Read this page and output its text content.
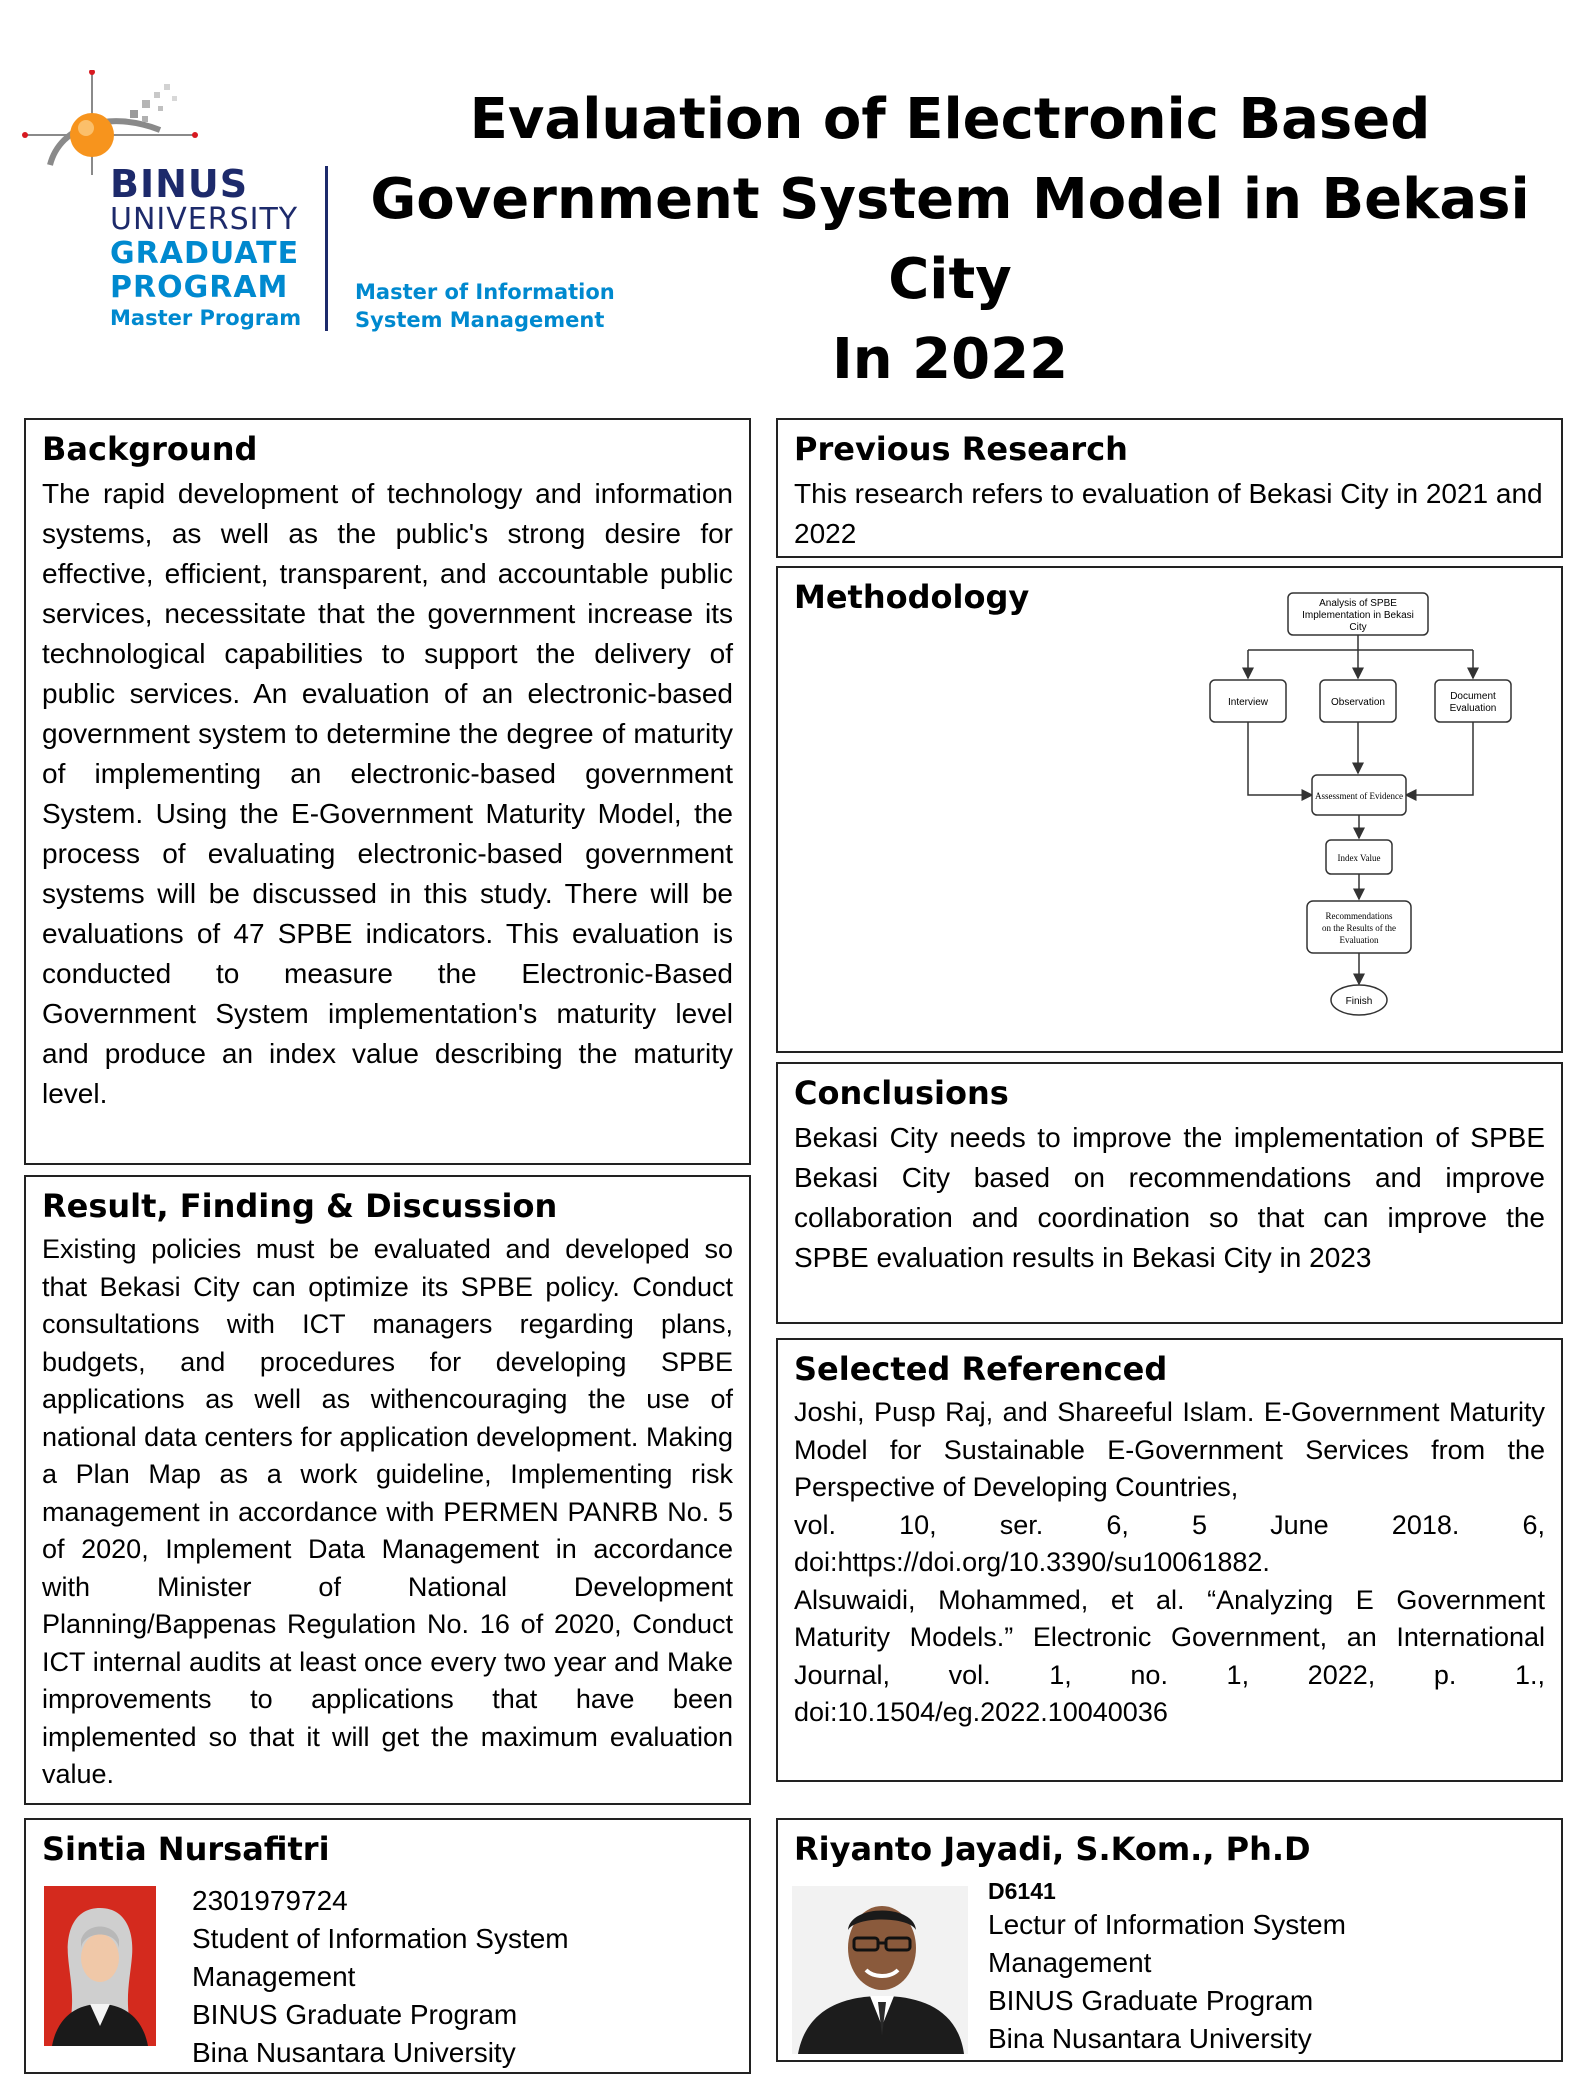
BINUS
UNIVERSITY
GRADUATE
PROGRAM
Master Program
Master of Information
System Management
Evaluation of Electronic Based
Government System Model in Bekasi City
In 2022
Background

The rapid development of technology and information systems, as well as the public's strong desire for effective, efficient, transparent, and accountable public services, necessitate that the government increase its technological capabilities to support the delivery of public services. An evaluation of an electronic-based government system to determine the degree of maturity of implementing an electronic-based government System. Using the E-Government Maturity Model, the process of evaluating electronic-based government systems will be discussed in this study. There will be evaluations of 47 SPBE indicators. This evaluation is conducted to measure the Electronic-Based Government System implementation's maturity level and produce an index value describing the maturity level.

Result, Finding & Discussion

Existing policies must be evaluated and developed so that Bekasi City can optimize its SPBE policy. Conduct consultations with ICT managers regarding plans, budgets, and procedures for developing SPBE applications as well as withencouraging the use of national data centers for application development. Making a Plan Map as a work guideline, Implementing risk management in accordance with PERMEN PANRB No. 5 of 2020, Implement Data Management in accordance with Minister of National Development Planning/Bappenas Regulation No. 16 of 2020, Conduct ICT internal audits at least once every two year and Make improvements to applications that have been implemented so that it will get the maximum evaluation value.

Previous Research

This research refers to evaluation of Bekasi City in 2021 and 2022

Methodology	Analysis of SPBE
Implementation in Bekasi
City
Interview	Observation
Document
Evaluation
Assessment of Evidence
Index Value
Recommendations
on the Results of the
Evaluation
Finish
Conclusions

Bekasi City needs to improve the implementation of SPBE Bekasi City based on recommendations and improve collaboration and coordination so that can improve the SPBE evaluation results in Bekasi City in 2023

Selected Referenced

Joshi, Pusp Raj, and Shareeful Islam. E-Government Maturity Model for Sustainable E-Government Services from the Perspective of Developing Countries,

vol. 10, ser. 6, 5 June 2018. 6,

doi:https://doi.org/10.3390/su10061882.

Alsuwaidi, Mohammed, et al. “Analyzing E Government Maturity Models.” Electronic Government, an International Journal, vol. 1, no. 1, 2022, p. 1., doi:10.1504/eg.2022.10040036

Sintia Nursafitri

2301979724

Student of Information System

Management

BINUS Graduate Program

Bina Nusantara University

Riyanto Jayadi, S.Kom., Ph.D

D6141

Lectur of Information System

Management

BINUS Graduate Program

Bina Nusantara University
